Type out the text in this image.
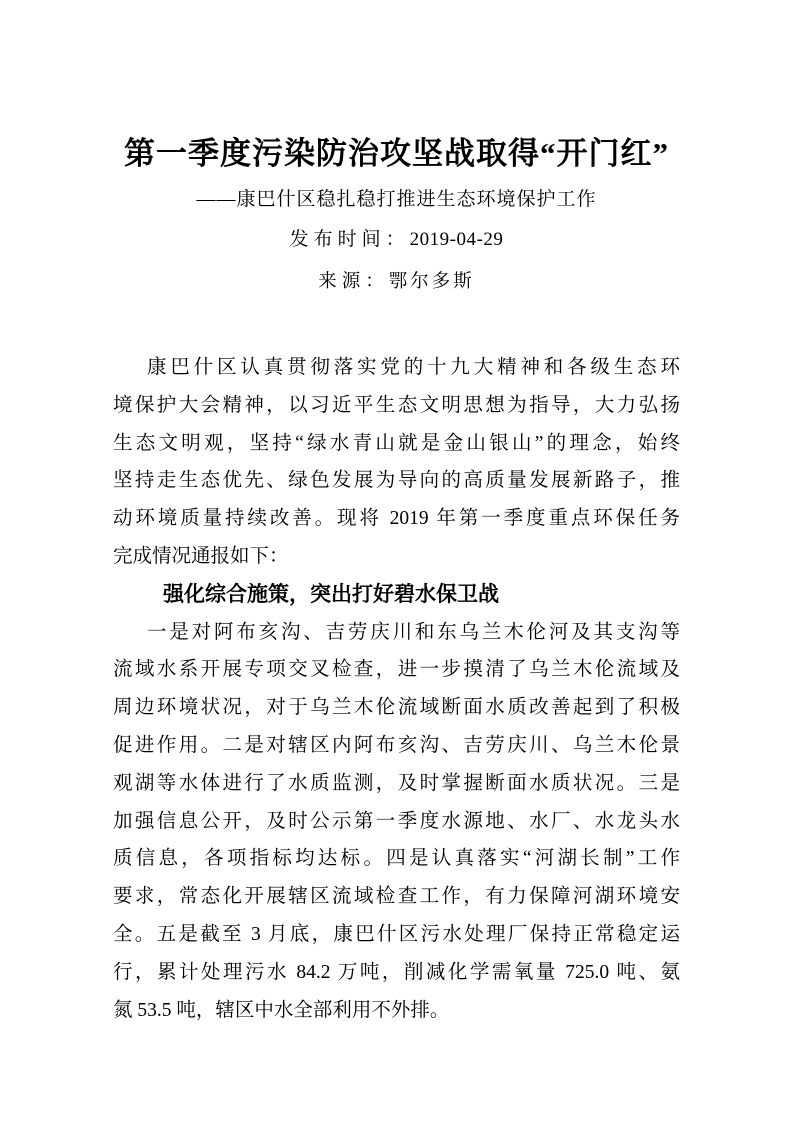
第一季度污染防治攻坚战取得“开门红”
——康巴什区稳扎稳打推进生态环境保护工作
发布时间：2019-04-29
来源：鄂尔多斯
康巴什区认真贯彻落实党的十九大精神和各级生态环
境保护大会精神，以习近平生态文明思想为指导，大力弘扬
生态文明观，坚持“绿水青山就是金山银山”的理念，始终
坚持走生态优先、绿色发展为导向的高质量发展新路子，推
动环境质量持续改善。现将 2019 年第一季度重点环保任务
完成情况通报如下：
强化综合施策，突出打好碧水保卫战
一是对阿布亥沟、吉劳庆川和东乌兰木伦河及其支沟等
流域水系开展专项交叉检查，进一步摸清了乌兰木伦流域及
周边环境状况，对于乌兰木伦流域断面水质改善起到了积极
促进作用。二是对辖区内阿布亥沟、吉劳庆川、乌兰木伦景
观湖等水体进行了水质监测，及时掌握断面水质状况。三是
加强信息公开，及时公示第一季度水源地、水厂、水龙头水
质信息，各项指标均达标。四是认真落实“河湖长制”工作
要求，常态化开展辖区流域检查工作，有力保障河湖环境安
全。五是截至 3 月底，康巴什区污水处理厂保持正常稳定运
行，累计处理污水 84.2 万吨，削减化学需氧量 725.0 吨、氨
氮 53.5 吨，辖区中水全部利用不外排。
